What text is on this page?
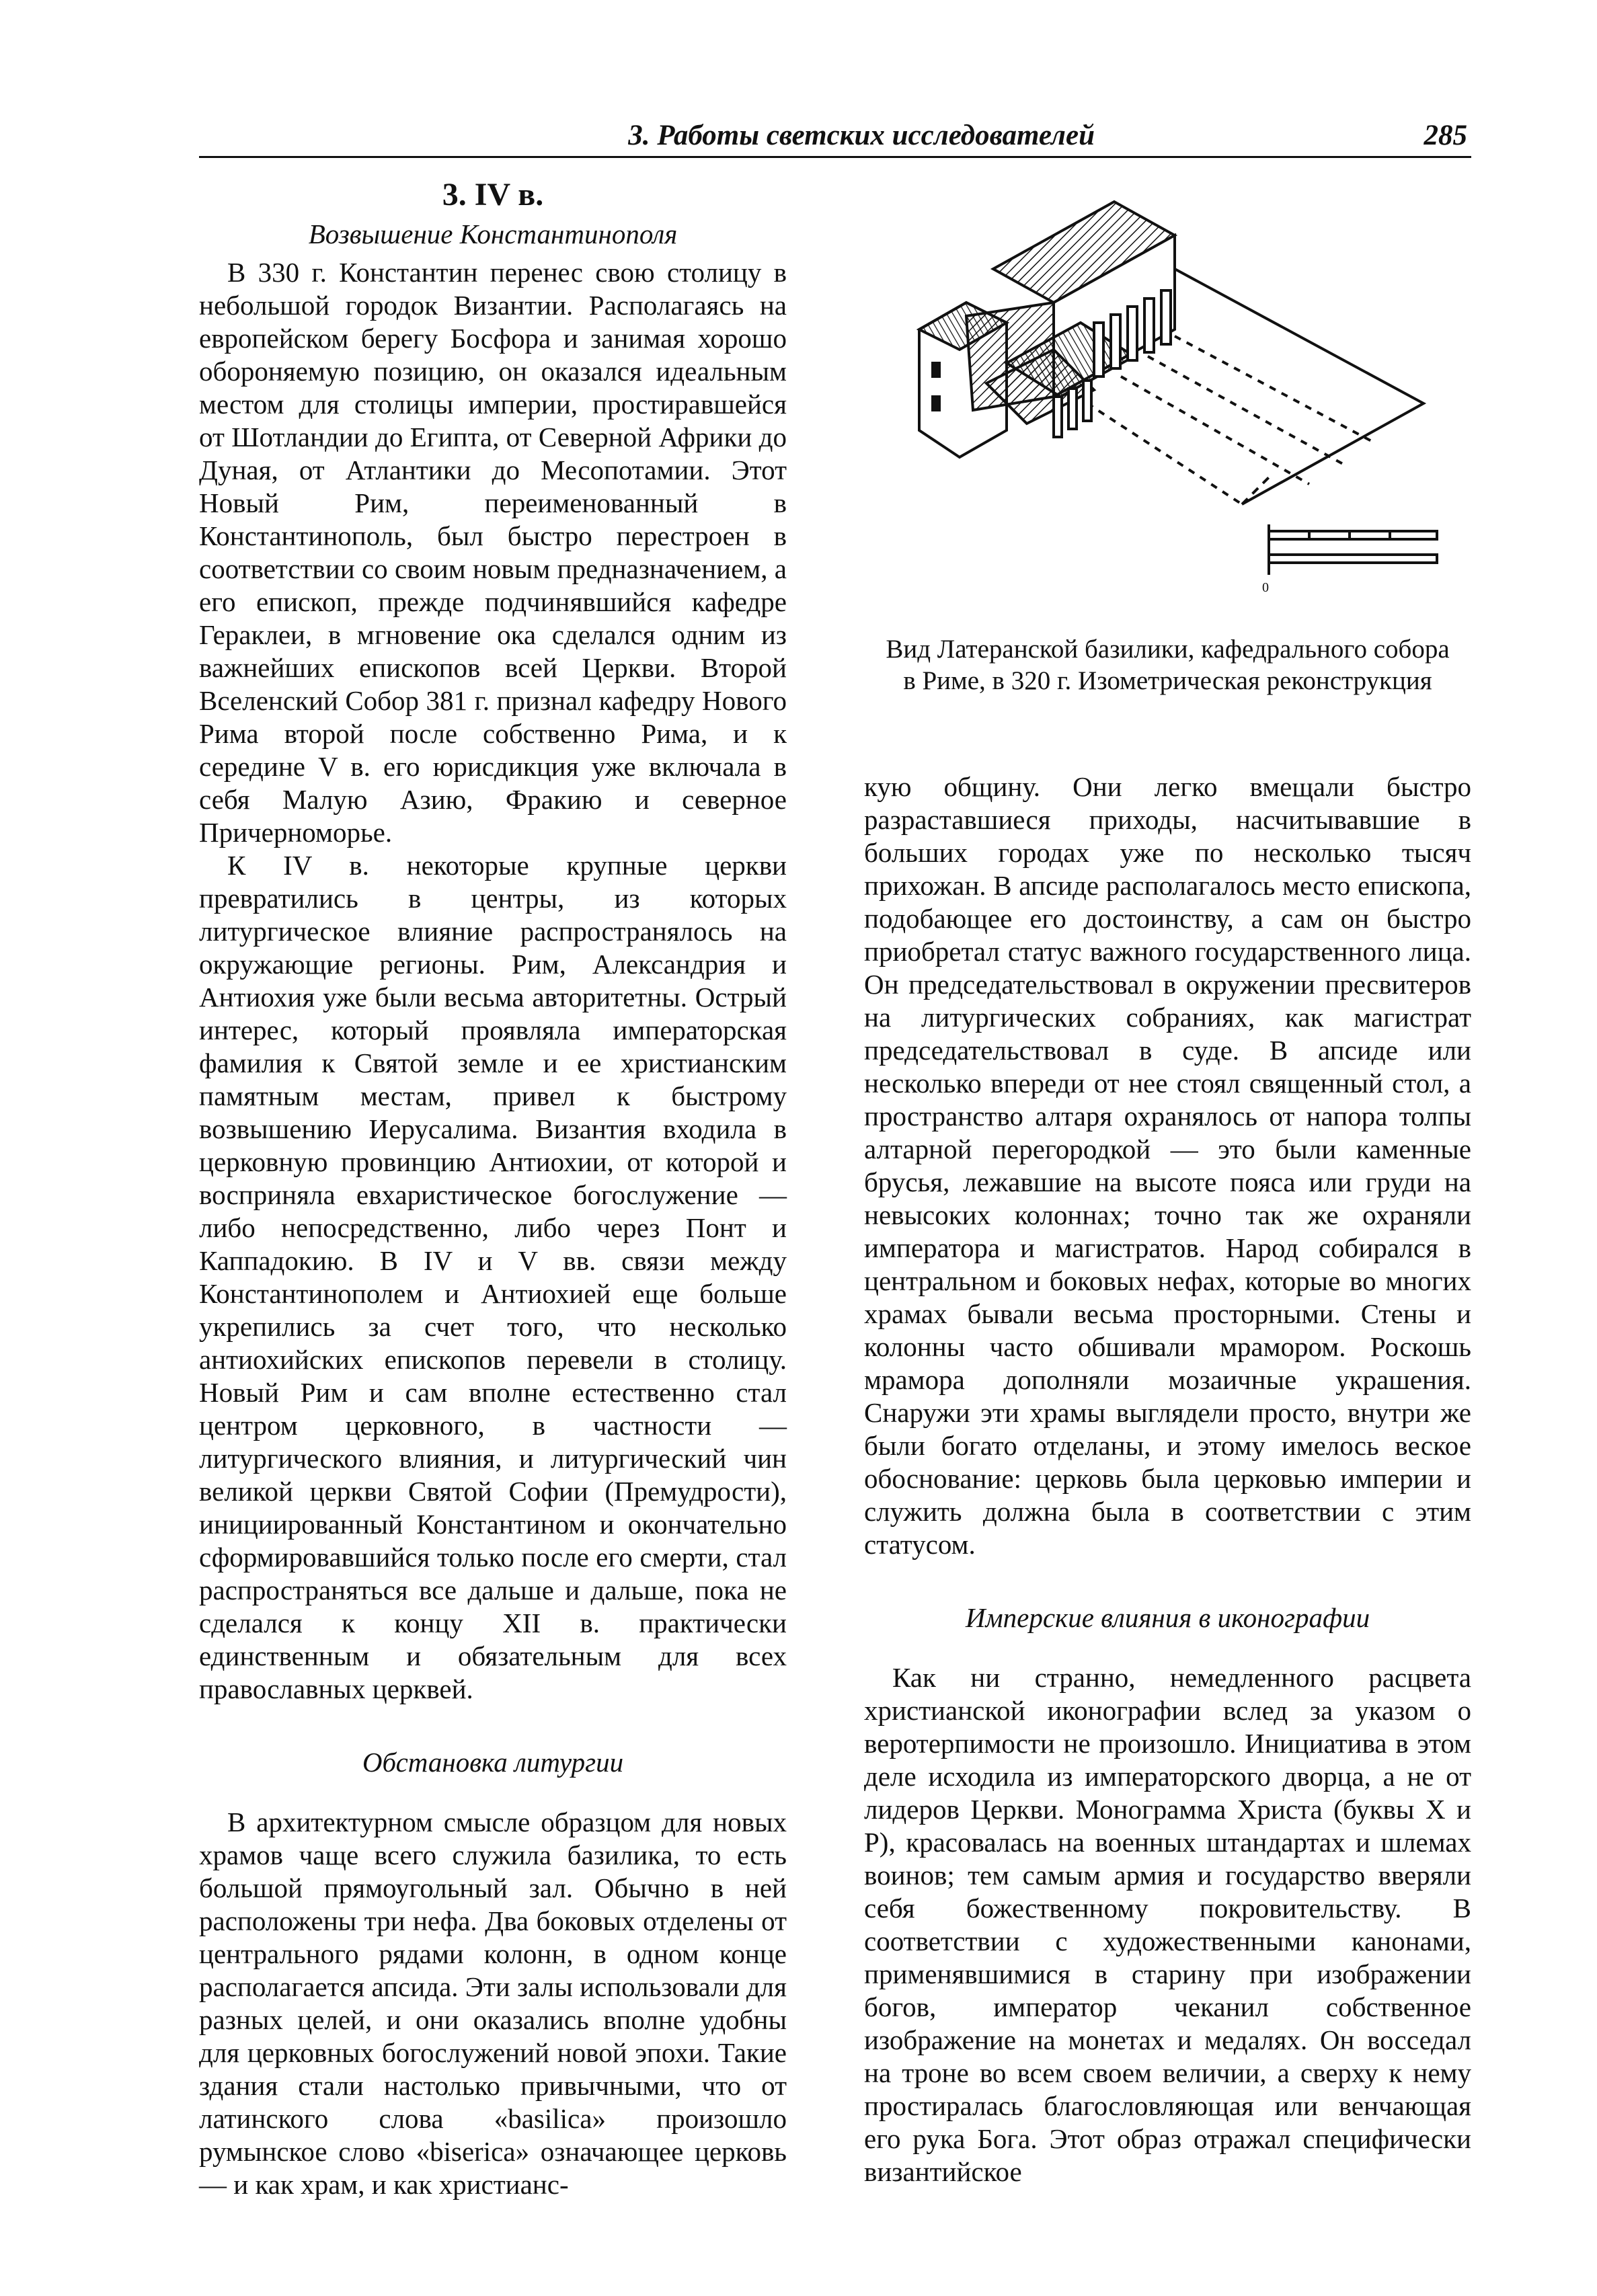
3. Работы светских исследователей	285
3. IV в.
Возвышение Константинополя

В 330 г. Константин перенес свою столицу в небольшой городок Византии. Располагаясь на европейском берегу Босфора и занимая хорошо обороняемую позицию, он оказался идеальным местом для столицы империи, простиравшейся от Шотландии до Египта, от Северной Африки до Дуная, от Атлантики до Месопотамии. Этот Новый Рим, переименованный в Константинополь, был быстро перестроен в соответствии со своим новым предназначением, а его епископ, прежде подчинявшийся кафедре Гераклеи, в мгновение ока сделался одним из важнейших епископов всей Церкви. Второй Вселенский Собор 381 г. признал кафедру Нового Рима второй после собственно Рима, и к середине V в. его юрисдикция уже включала в себя Малую Азию, Фракию и северное Причерноморье.

К IV в. некоторые крупные церкви превратились в центры, из которых литургическое влияние распространялось на окружающие регионы. Рим, Александрия и Антиохия уже были весьма авторитетны. Острый интерес, который проявляла императорская фамилия к Святой земле и ее христианским памятным местам, привел к быстрому возвышению Иерусалима. Византия входила в церковную провинцию Антиохии, от которой и восприняла евхаристическое богослужение — либо непосредственно, либо через Понт и Каппадокию. В IV и V вв. связи между Константинополем и Антиохией еще больше укрепились за счет того, что несколько антиохийских епископов перевели в столицу. Новый Рим и сам вполне естественно стал центром церковного, в частности — литургического влияния, и литургический чин великой церкви Святой Софии (Премудрости), инициированный Константином и окончательно сформировавшийся только после его смерти, стал распространяться все дальше и дальше, пока не сделался к концу XII в. практически единственным и обязательным для всех православных церквей.

Обстановка литургии

В архитектурном смысле образцом для новых храмов чаще всего служила базилика, то есть большой прямоугольный зал. Обычно в ней расположены три нефа. Два боковых отделены от центрального рядами колонн, в одном конце располагается апсида. Эти залы использовали для разных целей, и они оказались вполне удобны для церковных богослужений новой эпохи. Такие здания стали настолько привычными, что от латинского слова «basilica» произошло румынское слово «biserica» означающее церковь — и как храм, и как христианс-

0
Вид Латеранской базилики, кафедрального собора в Риме, в 320 г. Изометрическая реконструкция

кую общину. Они легко вмещали быстро разраставшиеся приходы, насчитывавшие в больших городах уже по несколько тысяч прихожан. В апсиде располагалось место епископа, подобающее его достоинству, а сам он быстро приобретал статус важного государственного лица. Он председательствовал в окружении пресвитеров на литургических собраниях, как магистрат председательствовал в суде. В апсиде или несколько впереди от нее стоял священный стол, а пространство алтаря охранялось от напора толпы алтарной перегородкой — это были каменные брусья, лежавшие на высоте пояса или груди на невысоких колоннах; точно так же охраняли императора и магистратов. Народ собирался в центральном и боковых нефах, которые во многих храмах бывали весьма просторными. Стены и колонны часто обшивали мрамором. Роскошь мрамора дополняли мозаичные украшения. Снаружи эти храмы выглядели просто, внутри же были богато отделаны, и этому имелось веское обоснование: церковь была церковью империи и служить должна была в соответствии с этим статусом.

Имперские влияния в иконографии

Как ни странно, немедленного расцвета христианской иконографии вслед за указом о веротерпимости не произошло. Инициатива в этом деле исходила из императорского дворца, а не от лидеров Церкви. Монограмма Христа (буквы X и P), красовалась на военных штандартах и шлемах воинов; тем самым армия и государство вверяли себя божественному покровительству. В соответствии с художественными канонами, применявшимися в старину при изображении богов, император чеканил собственное изображение на монетах и медалях. Он восседал на троне во всем своем величии, а сверху к нему простиралась благословляющая или венчающая его рука Бога. Этот образ отражал специфически византийское
